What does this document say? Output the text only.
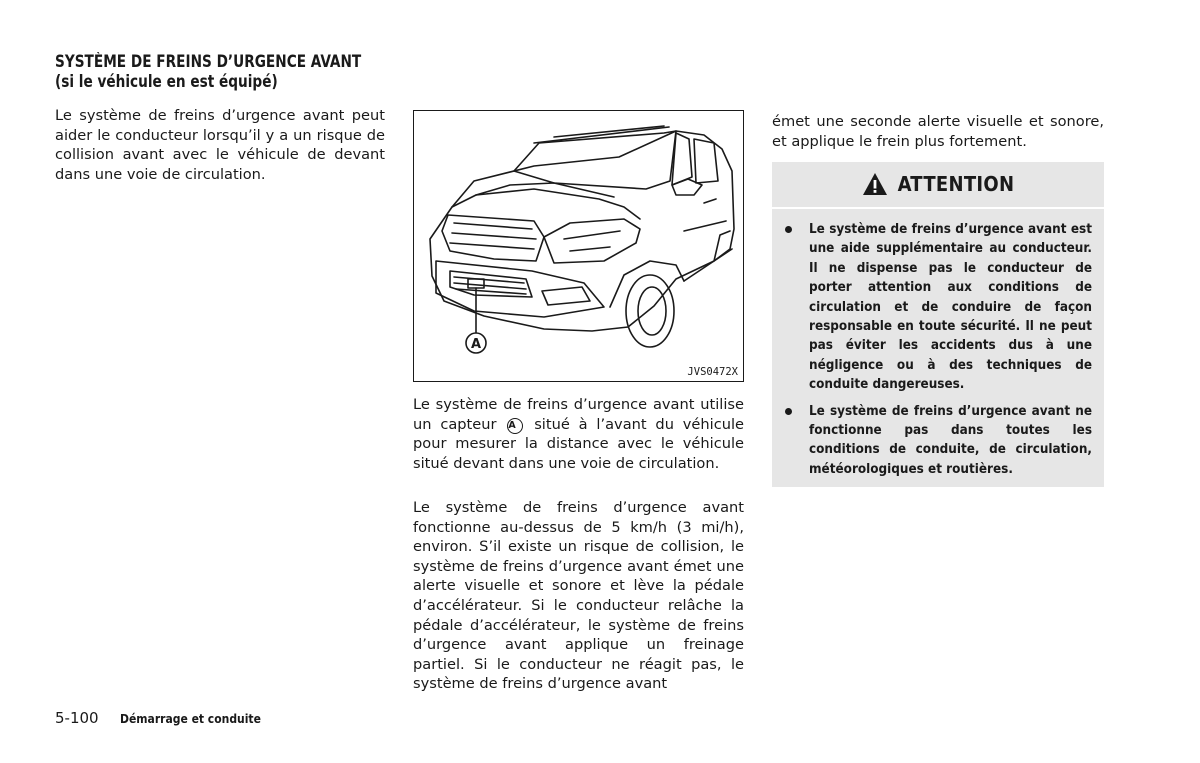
SYSTÈME DE FREINS D’URGENCE AVANT (si le véhicule en est équipé)
Le système de freins d’urgence avant peut aider le conducteur lorsqu’il y a un risque de collision avant avec le véhicule de devant dans une voie de circulation.
A
JVS0472X
Le système de freins d’urgence avant utilise un capteur A situé à l’avant du véhicule pour mesurer la distance avec le véhicule situé devant dans une voie de circulation.
Le système de freins d’urgence avant fonctionne au-dessus de 5 km/h (3 mi/h), environ. S’il existe un risque de collision, le système de freins d’urgence avant émet une alerte visuelle et sonore et lève la pédale d’accélérateur. Si le conducteur relâche la pédale d’accélérateur, le système de freins d’urgence avant applique un freinage partiel. Si le conducteur ne réagit pas, le système de freins d’urgence avant
émet une seconde alerte visuelle et sonore, et applique le frein plus fortement.
ATTENTION
Le système de freins d’urgence avant est une aide supplémentaire au conducteur. Il ne dispense pas le conducteur de porter attention aux conditions de circulation et de conduire de façon responsable en toute sécurité. Il ne peut pas éviter les accidents dus à une négligence ou à des techniques de conduite dangereuses.
Le système de freins d’urgence avant ne fonctionne pas dans toutes les conditions de conduite, de circulation, météorologiques et routières.
5-100 Démarrage et conduite
